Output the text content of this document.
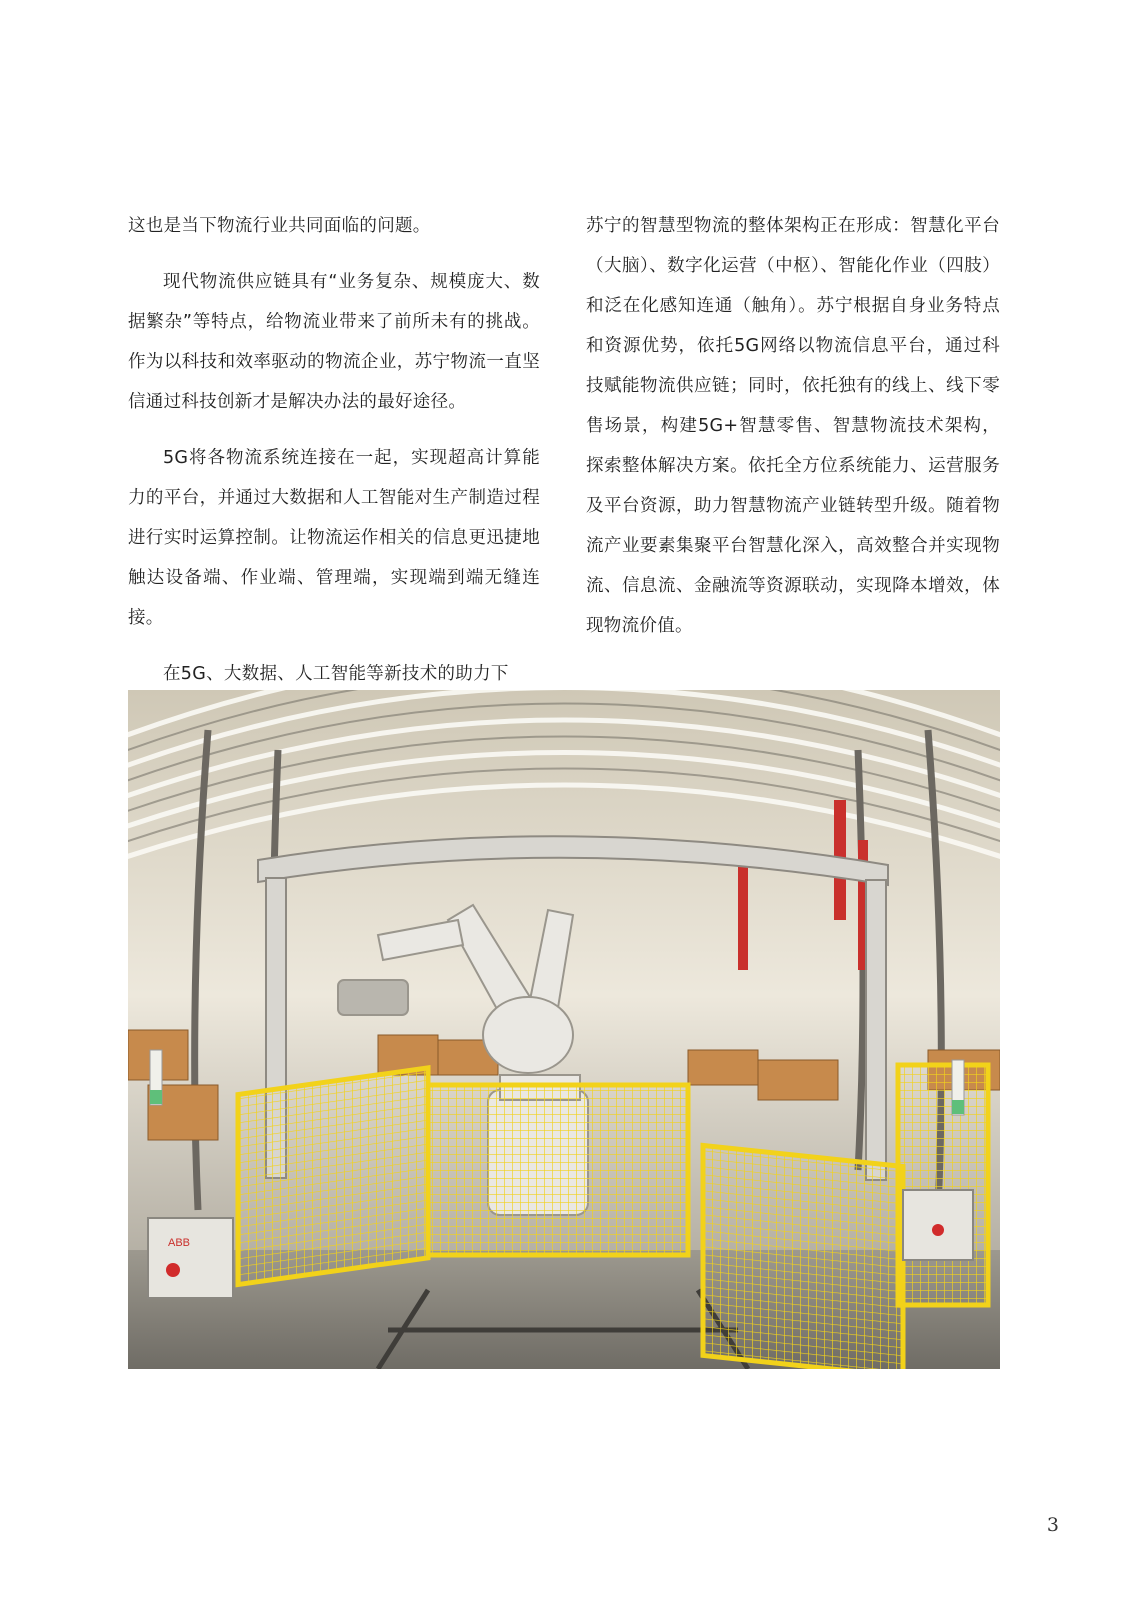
这也是当下物流行业共同面临的问题。

现代物流供应链具有“业务复杂、规模庞大、数据繁杂”等特点，给物流业带来了前所未有的挑战。作为以科技和效率驱动的物流企业，苏宁物流一直坚信通过科技创新才是解决办法的最好途径。

5G将各物流系统连接在一起，实现超高计算能力的平台，并通过大数据和人工智能对生产制造过程进行实时运算控制。让物流运作相关的信息更迅捷地触达设备端、作业端、管理端，实现端到端无缝连接。

在5G、大数据、人工智能等新技术的助力下

苏宁的智慧型物流的整体架构正在形成：智慧化平台（大脑）、数字化运营（中枢）、智能化作业（四肢）和泛在化感知连通（触角）。苏宁根据自身业务特点和资源优势，依托5G网络以物流信息平台，通过科技赋能物流供应链；同时，依托独有的线上、线下零售场景，构建5G+智慧零售、智慧物流技术架构，探索整体解决方案。依托全方位系统能力、运营服务及平台资源，助力智慧物流产业链转型升级。随着物流产业要素集聚平台智慧化深入，高效整合并实现物流、信息流、金融流等资源联动，实现降本增效，体现物流价值。

ABB
3
